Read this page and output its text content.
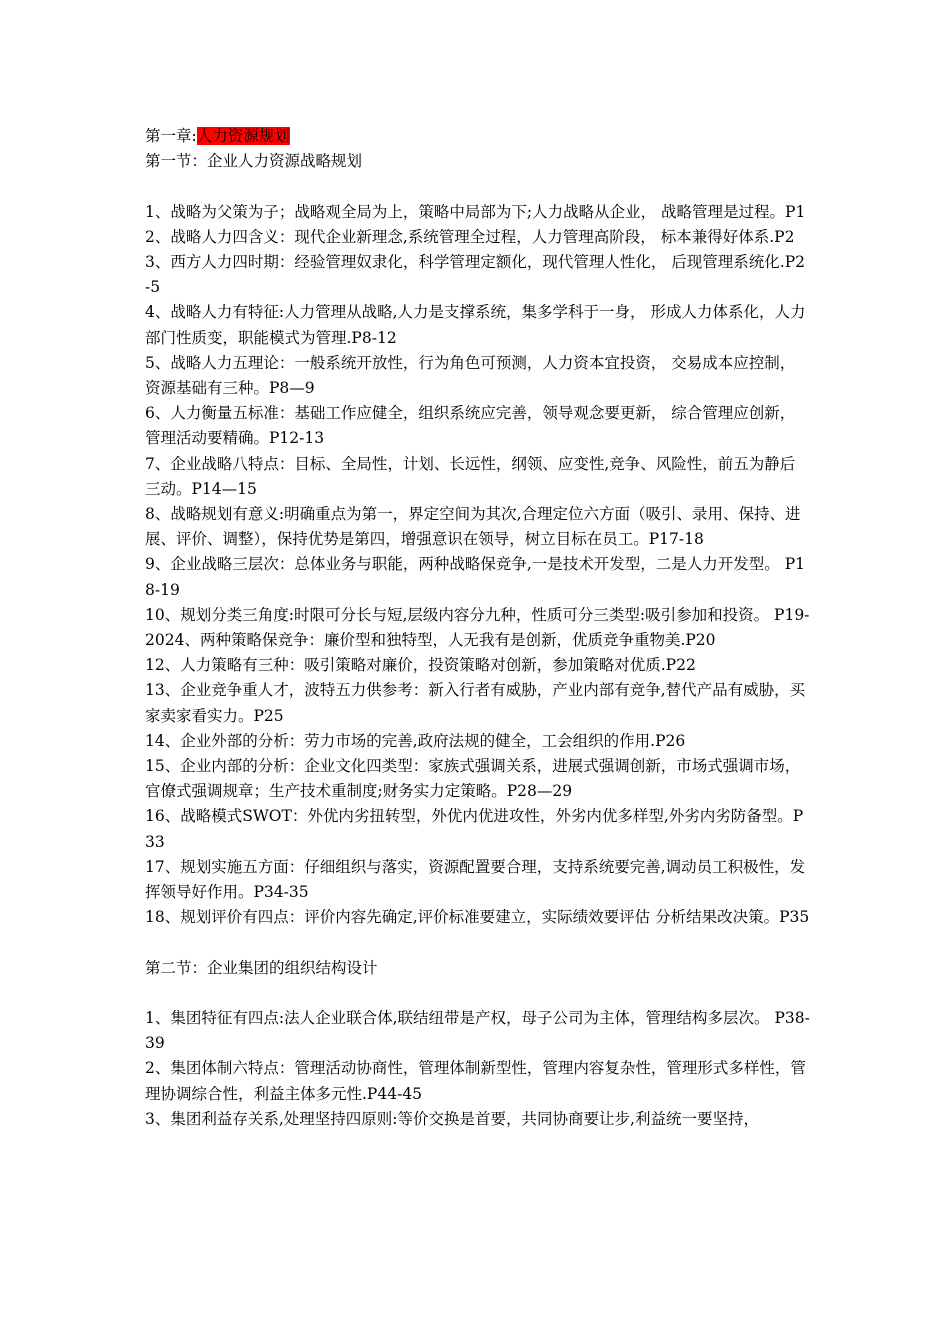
第一章:人力资源规划
第一节：企业人力资源战略规划
1、战略为父策为子；战略观全局为上，策略中局部为下;人力战略从企业， 战略管理是过程。P1
2、战略人力四含义：现代企业新理念,系统管理全过程，人力管理高阶段， 标本兼得好体系.P2
3、西方人力四时期：经验管理奴隶化，科学管理定额化，现代管理人性化， 后现管理系统化.P2-5
4、战略人力有特征:人力管理从战略,人力是支撑系统，集多学科于一身， 形成人力体系化，人力部门性质变，职能模式为管理.P8-12
5、战略人力五理论：一般系统开放性，行为角色可预测，人力资本宜投资， 交易成本应控制，资源基础有三种。P8—9
6、人力衡量五标准：基础工作应健全，组织系统应完善，领导观念要更新， 综合管理应创新，管理活动要精确。P12-13
7、企业战略八特点：目标、全局性，计划、长远性，纲领、应变性,竞争、风险性，前五为静后三动。P14—15
8、战略规划有意义:明确重点为第一，界定空间为其次,合理定位六方面（吸引、录用、保持、进展、评价、调整），保持优势是第四，增强意识在领导，树立目标在员工。P17-18
9、企业战略三层次：总体业务与职能，两种战略保竞争,一是技术开发型，二是人力开发型。 P18-19
10、规划分类三角度:时限可分长与短,层级内容分九种，性质可分三类型:吸引参加和投资。 P19-2024、两种策略保竞争：廉价型和独特型，人无我有是创新，优质竞争重物美.P20
12、人力策略有三种：吸引策略对廉价，投资策略对创新，参加策略对优质.P22
13、企业竞争重人才，波特五力供参考：新入行者有威胁，产业内部有竞争,替代产品有威胁，买家卖家看实力。P25
14、企业外部的分析：劳力市场的完善,政府法规的健全，工会组织的作用.P26
15、企业内部的分析：企业文化四类型：家族式强调关系，进展式强调创新，市场式强调市场，官僚式强调规章；生产技术重制度;财务实力定策略。P28—29
16、战略模式SWOT：外优内劣扭转型，外优内优进攻性，外劣内优多样型,外劣内劣防备型。P33
17、规划实施五方面：仔细组织与落实，资源配置要合理，支持系统要完善,调动员工积极性，发挥领导好作用。P34-35
18、规划评价有四点：评价内容先确定,评价标准要建立，实际绩效要评估 分析结果改决策。P35
第二节：企业集团的组织结构设计
1、集团特征有四点:法人企业联合体,联结纽带是产权，母子公司为主体，管理结构多层次。 P38-39
2、集团体制六特点：管理活动协商性，管理体制新型性，管理内容复杂性，管理形式多样性，管理协调综合性，利益主体多元性.P44-45
3、集团利益存关系,处理坚持四原则:等价交换是首要，共同协商要让步,利益统一要坚持，
